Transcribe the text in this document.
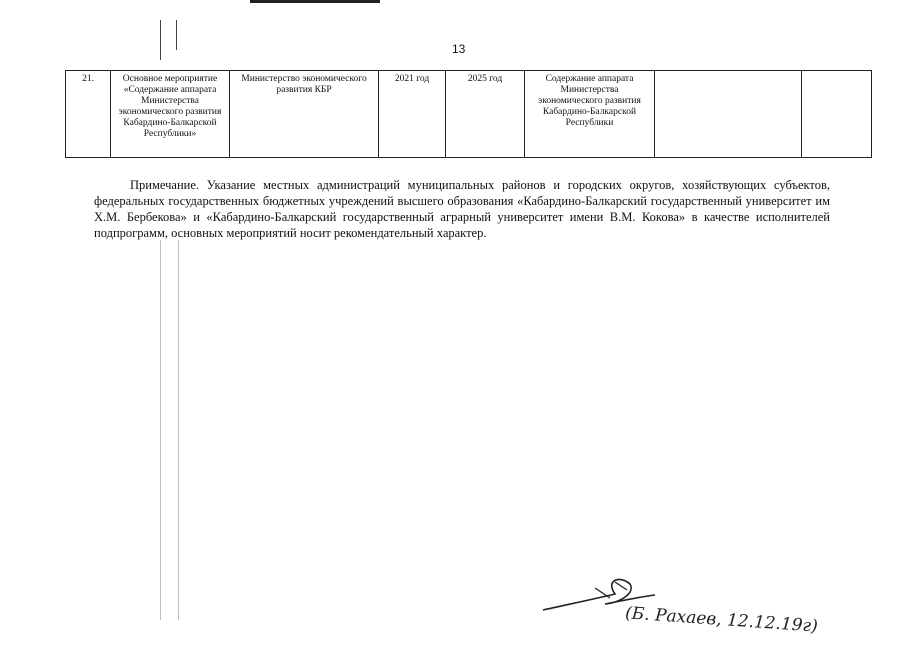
13
21.	Основное мероприятие «Содержание аппарата Министерства экономического развития Кабардино-Балкарской Республики»	Министерство экономического развития КБР	2021 год	2025 год	Содержание аппарата Министерства экономического развития Кабардино-Балкарской Республики		

Примечание. Указание местных администраций муниципальных районов и городских округов, хозяйствующих субъектов, федеральных государственных бюджетных учреждений высшего образования «Кабардино-Балкарский государственный университет им Х.М. Бербекова» и «Кабардино-Балкарский государственный аграрный университет имени В.М. Кокова» в качестве исполнителей подпрограмм, основных мероприятий носит рекомендательный характер.

(Б. Рахаев, 12.12.19г)
